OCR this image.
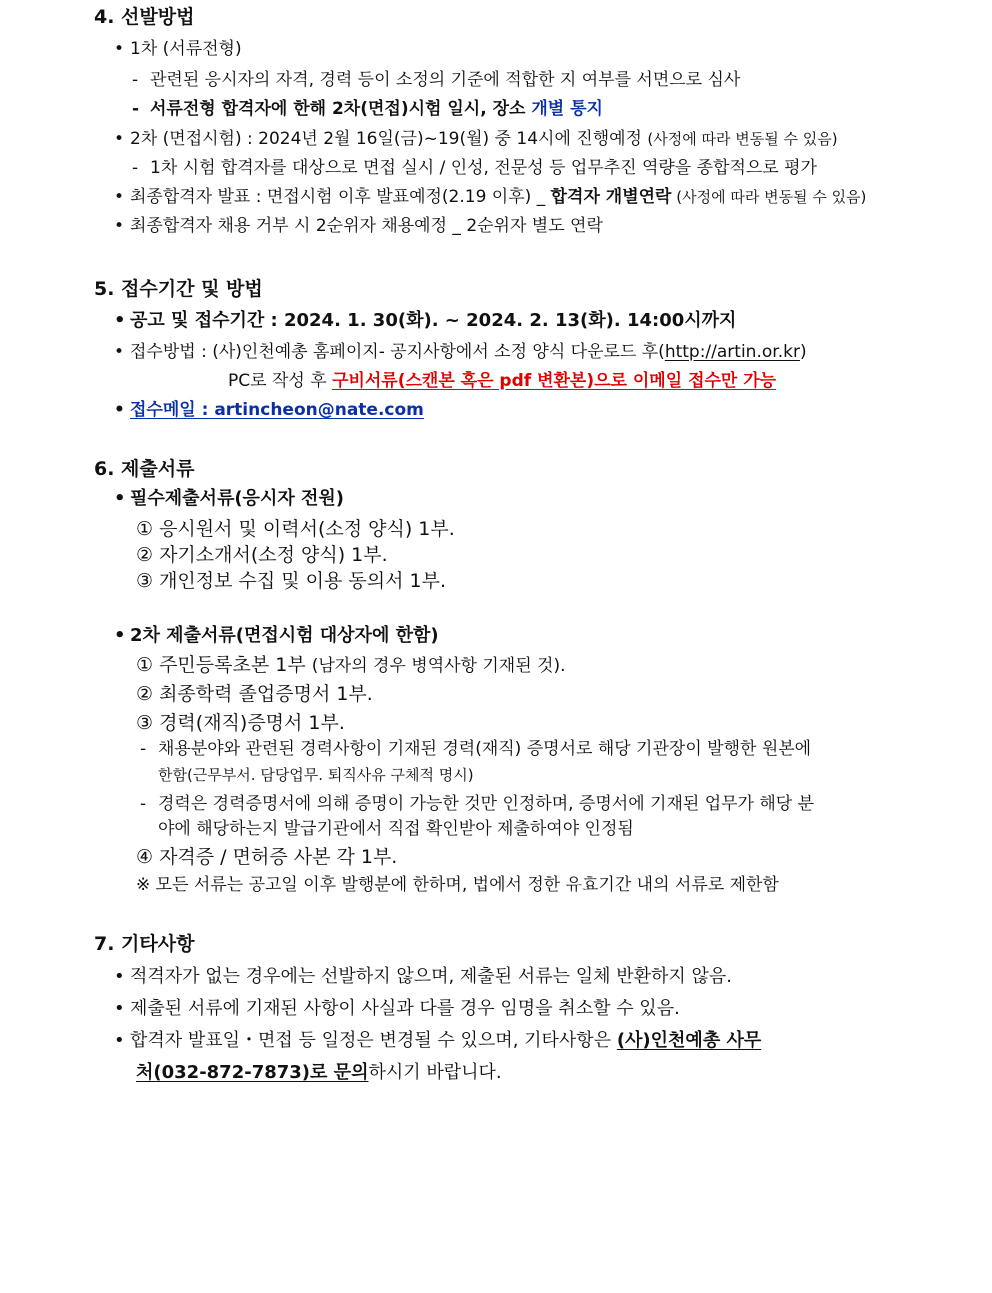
4. 선발방법
• 1차 (서류전형)
- 관련된 응시자의 자격, 경력 등이 소정의 기준에 적합한 지 여부를 서면으로 심사
- 서류전형 합격자에 한해 2차(면접)시험 일시, 장소 개별 통지
• 2차 (면접시험) : 2024년 2월 16일(금)~19(월) 중 14시에 진행예정 (사정에 따라 변동될 수 있음)
- 1차 시험 합격자를 대상으로 면접 실시 / 인성, 전문성 등 업무추진 역량을 종합적으로 평가
• 최종합격자 발표 : 면접시험 이후 발표예정(2.19 이후) _ 합격자 개별연락 (사정에 따라 변동될 수 있음)
• 최종합격자 채용 거부 시 2순위자 채용예정 _ 2순위자 별도 연락
5. 접수기간 및 방법
• 공고 및 접수기간 : 2024. 1. 30(화). ~ 2024. 2. 13(화). 14:00시까지
• 접수방법 : (사)인천예총 홈페이지- 공지사항에서 소정 양식 다운로드 후(http://artin.or.kr)
PC로 작성 후 구비서류(스캔본 혹은 pdf 변환본)으로 이메일 접수만 가능
• 접수메일 : artincheon@nate.com
6. 제출서류
• 필수제출서류(응시자 전원)
① 응시원서 및 이력서(소정 양식) 1부.
② 자기소개서(소정 양식) 1부.
③ 개인정보 수집 및 이용 동의서 1부.
• 2차 제출서류(면접시험 대상자에 한함)
① 주민등록초본 1부 (남자의 경우 병역사항 기재된 것).
② 최종학력 졸업증명서 1부.
③ 경력(재직)증명서 1부.
- 채용분야와 관련된 경력사항이 기재된 경력(재직) 증명서로 해당 기관장이 발행한 원본에
한함(근무부서. 담당업무. 퇴직사유 구체적 명시)
- 경력은 경력증명서에 의해 증명이 가능한 것만 인정하며, 증명서에 기재된 업무가 해당 분
야에 해당하는지 발급기관에서 직접 확인받아 제출하여야 인정됨
④ 자격증 / 면허증 사본 각 1부.
※ 모든 서류는 공고일 이후 발행분에 한하며, 법에서 정한 유효기간 내의 서류로 제한함
7. 기타사항
• 적격자가 없는 경우에는 선발하지 않으며, 제출된 서류는 일체 반환하지 않음.
• 제출된 서류에 기재된 사항이 사실과 다를 경우 임명을 취소할 수 있음.
• 합격자 발표일・면접 등 일정은 변경될 수 있으며, 기타사항은 (사)인천예총 사무
처(032-872-7873)로 문의하시기 바랍니다.
